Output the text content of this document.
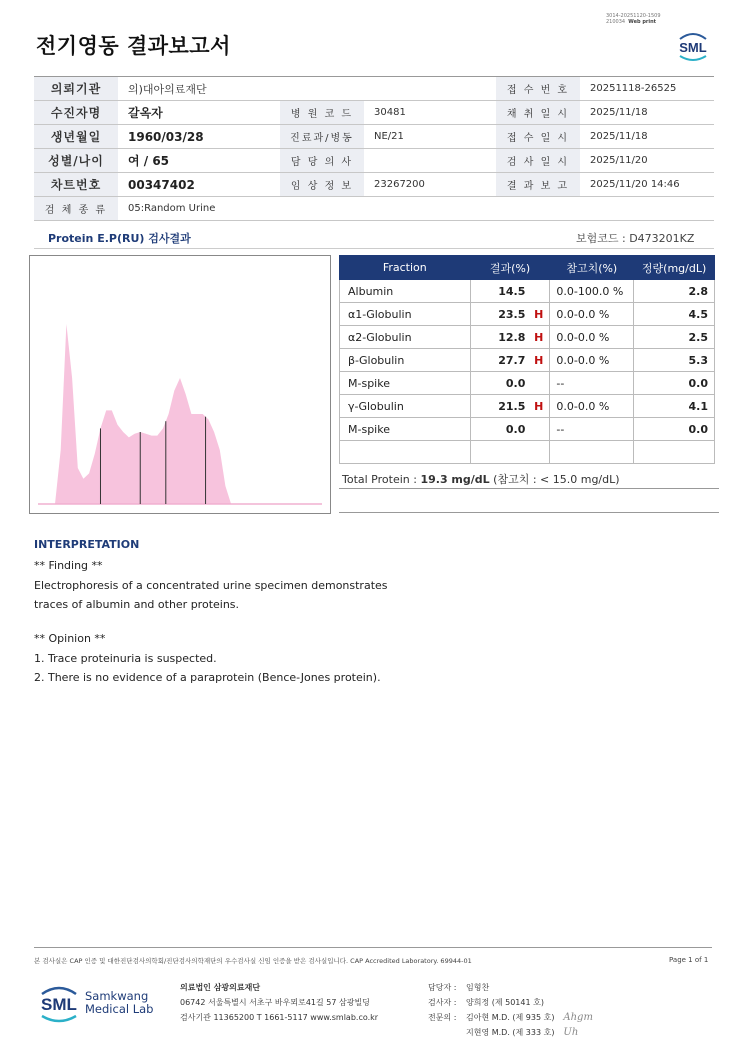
전기영동 결과보고서
3014-20251120-1509
210034 Web print
SML
의뢰기관	의)대아의료재단			접 수 번 호	20251118-26525
수진자명	갈옥자	병 원 코 드	30481	채 취 일 시	2025/11/18
생년월일	1960/03/28	진료과/병동	NE/21	접 수 일 시	2025/11/18
성별/나이	여 / 65	담 당 의 사		검 사 일 시	2025/11/20
차트번호	00347402	임 상 정 보	23267200	결 과 보 고	2025/11/20 14:46
검 체 종 류	05:Random Urine				
Protein E.P(RU) 검사결과	보험코드 : D473201KZ
Fraction	결과(%)	참고치(%)	정량(mg/dL)
Albumin	14.5	0.0-100.0 %	2.8
α1-Globulin	23.5 H	0.0-0.0 %	4.5
α2-Globulin	12.8 H	0.0-0.0 %	2.5
β-Globulin	27.7 H	0.0-0.0 %	5.3
M-spike	0.0	--	0.0
γ-Globulin	21.5 H	0.0-0.0 %	4.1
M-spike	0.0	--	0.0

Total Protein : 19.3 mg/dL (참고치 : < 15.0 mg/dL)
INTERPRETATION
** Finding **
Electrophoresis of a concentrated urine specimen demonstrates
traces of albumin and other proteins.
** Opinion **
1. Trace proteinuria is suspected.
2. There is no evidence of a paraprotein (Bence-Jones protein).
본 검사실은 CAP 인증 및 대한진단검사의학회/진단검사의학재단의 우수검사실 신임 인증을 받은 검사실입니다. CAP Accredited Laboratory. 69944-01	Page 1 of 1
SML Samkwang
Medical Lab
의료법인 삼광의료재단
06742 서울특별시 서초구 바우뫼로41길 57 삼광빌딩
검사기관 11365200 T 1661-5117 www.smlab.co.kr
담당자 : 임형찬
검사자 : 양희정 (제 50141 호)
전문의 : 김아현 M.D. (제 935 호)   Ahgm
지현영 M.D. (제 333 호)   Uh
